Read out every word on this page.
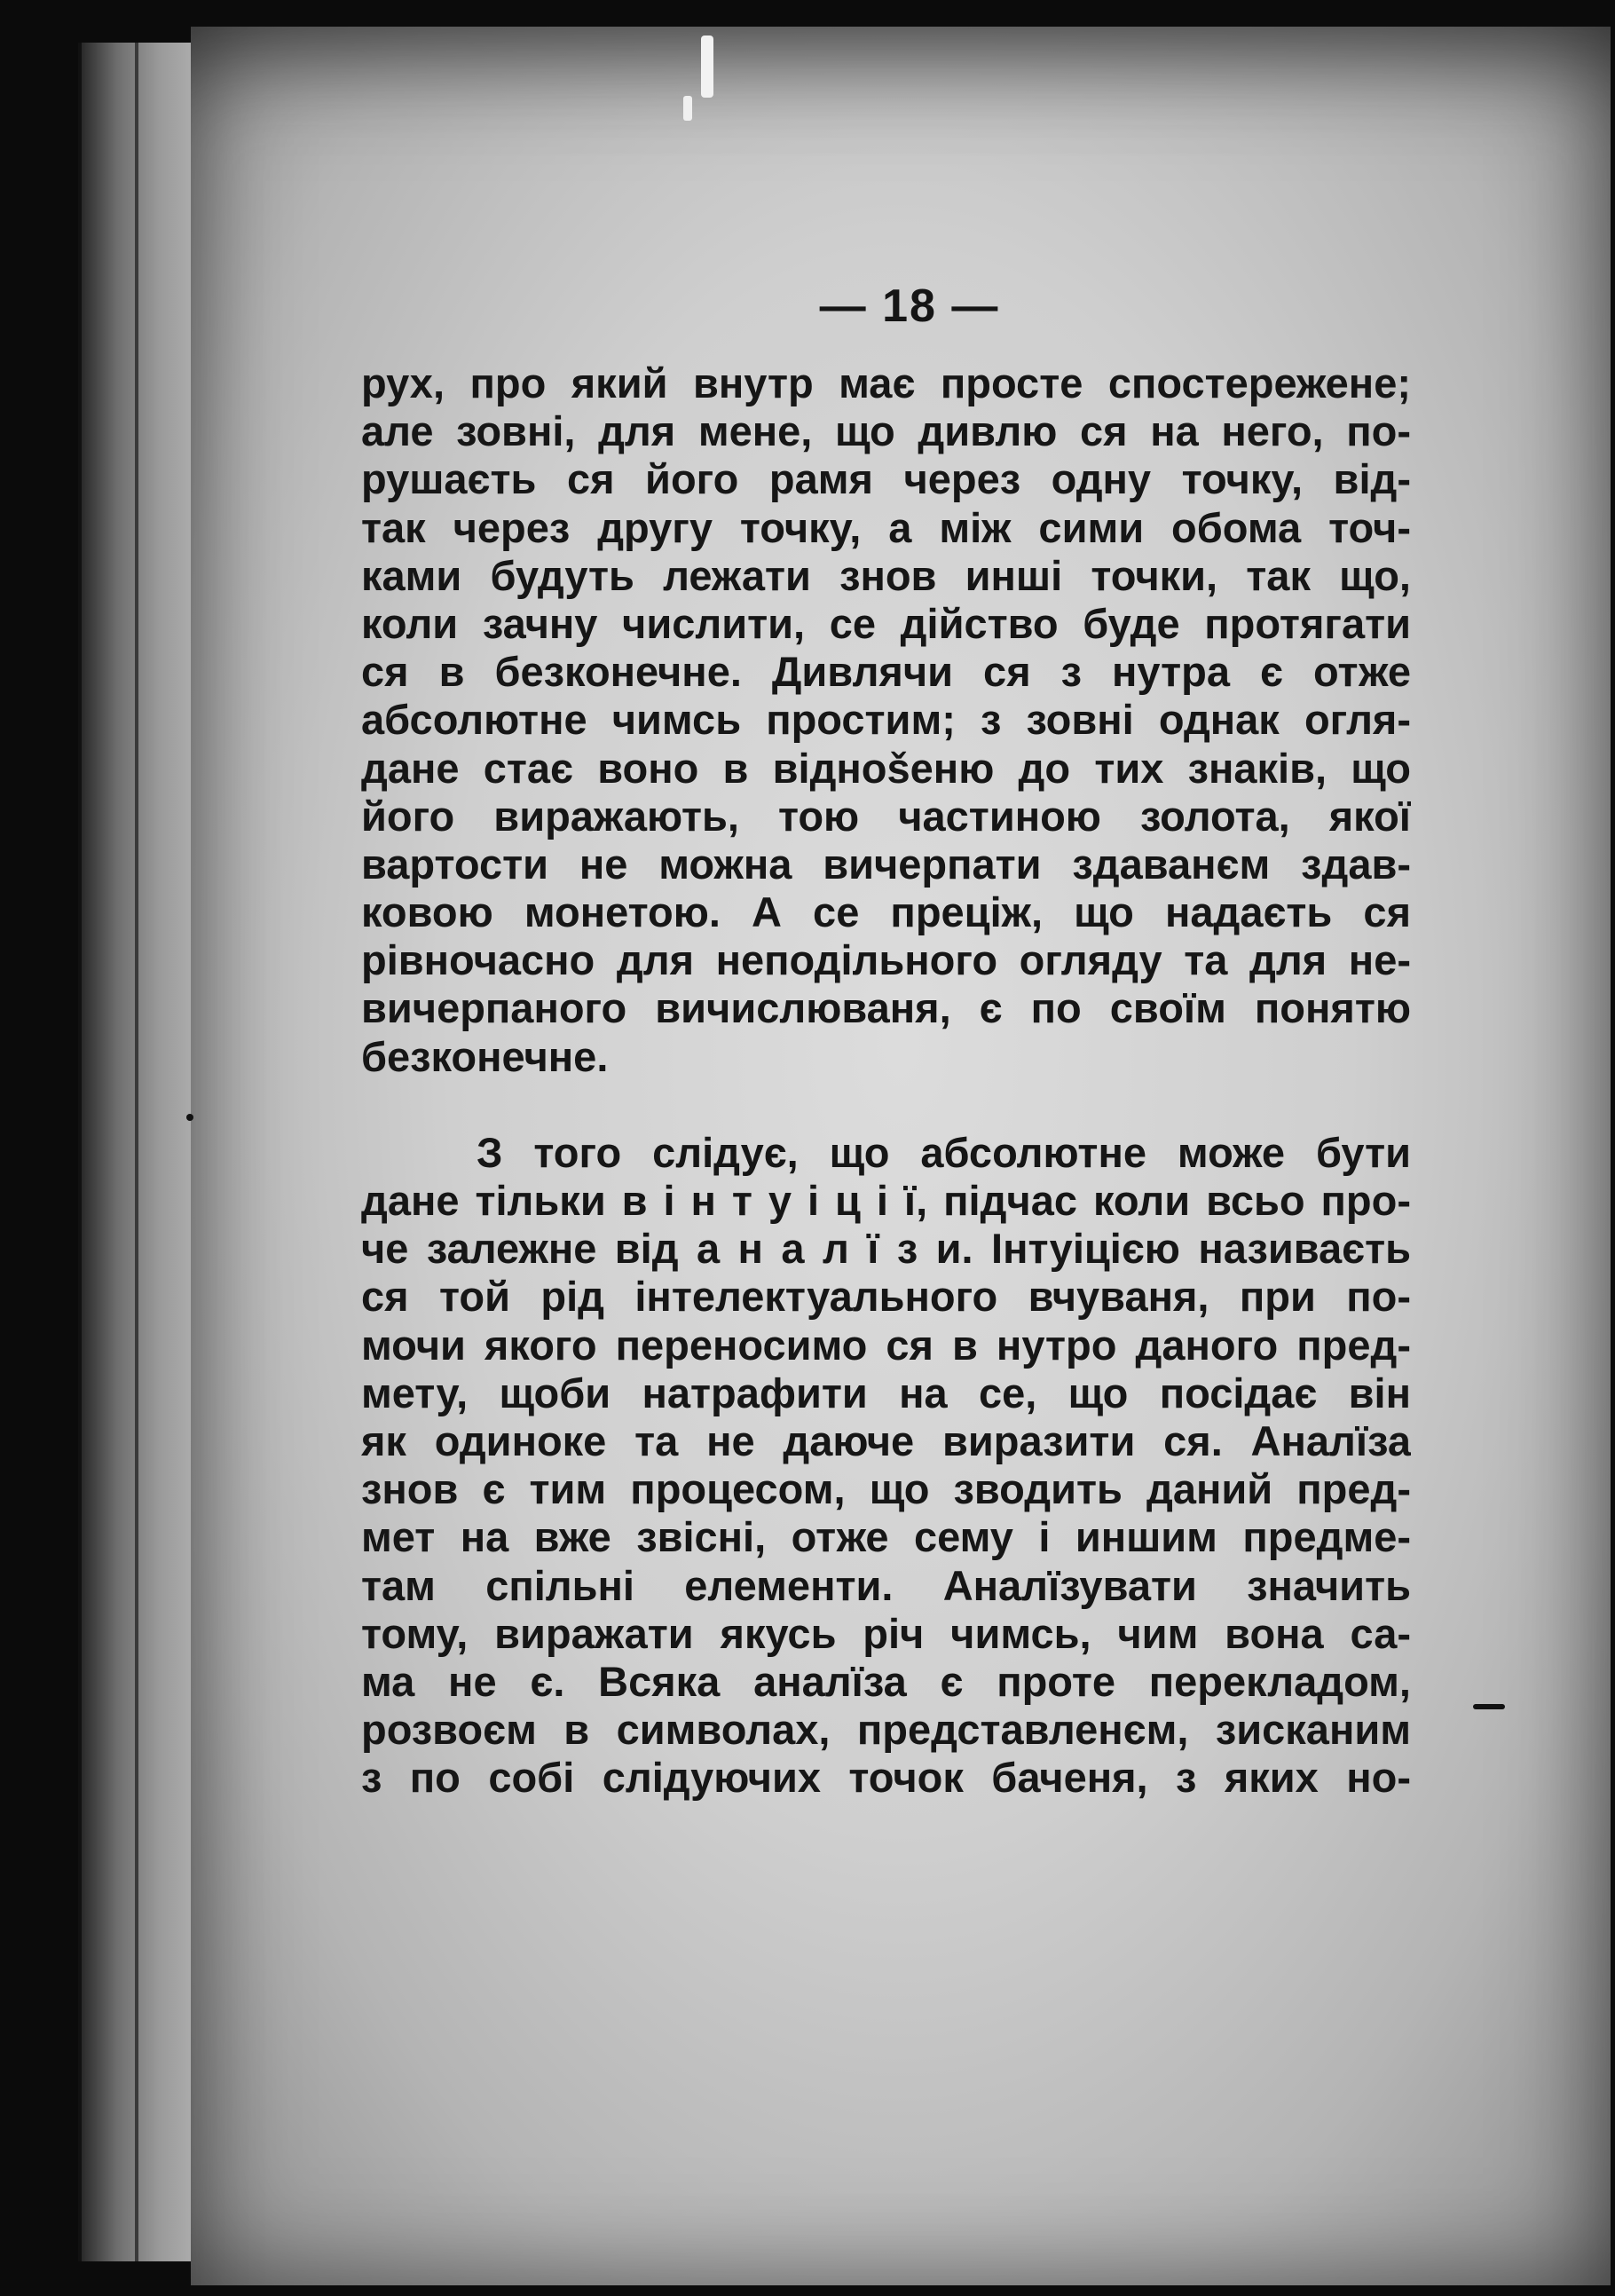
— 18 —
рух, про який внутр має просте спостережене;
але зовні, для мене, що дивлю ся на него, по-
рушаєть ся його рамя через одну точку, від-
так через другу точку, а між сими обома точ-
ками будуть лежати знов инші точки, так що,
коли зачну числити, се дійство буде протягати
ся в безконечне. Дивлячи ся з нутра є отже
абсолютне чимсь простим; з зовні однак огля-
дане стає воно в віднošеню до тих знаків, що
його виражають, тою частиною золота, якої
вартости не можна вичерпати здаванєм здав-
ковою монетою. А се преціж, що надаєть ся
рівночасно для неподільного огляду та для не-
вичерпаного вичислюваня, є по своїм понятю
безконечне.
З того слідує, що абсолютне може бути
дане тільки в і н т у і ц і ї, підчас коли всьо про-
че залежне від а н а л ї з и. Інтуіцією називаєть
ся той рід інтелектуального вчуваня, при по-
мочи якого переносимо ся в нутро даного пред-
мету, щоби натрафити на се, що посідає він
як одиноке та не даюче виразити ся. Аналїза
знов є тим процесом, що зводить даний пред-
мет на вже звісні, отже сему і иншим предме-
там спільні елементи. Аналїзувати значить
тому, виражати якусь річ чимсь, чим вона са-
ма не є. Всяка аналїза є проте перекладом,
розвоєм в символах, представленєм, зисканим
з по собі слідуючих точок баченя, з яких но-
